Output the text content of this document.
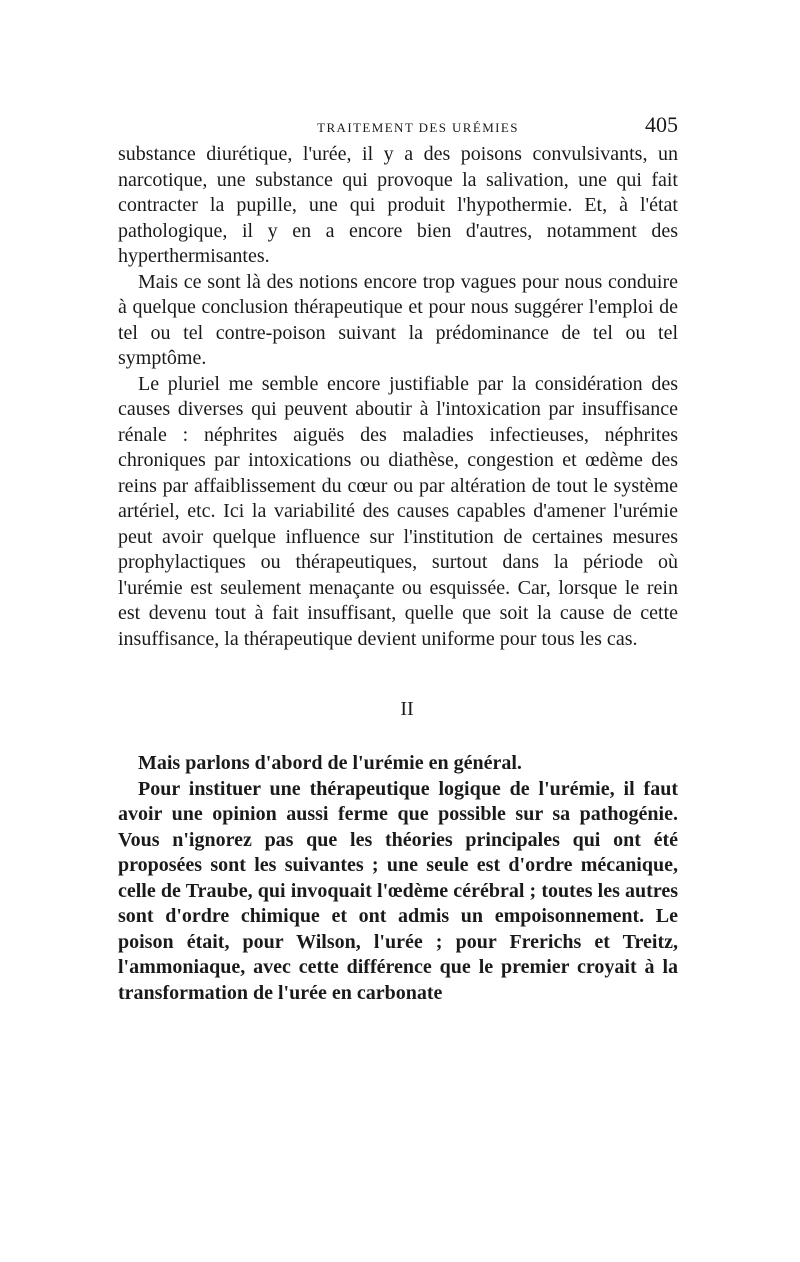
TRAITEMENT DES URÉMIES	405

substance diurétique, l'urée, il y a des poisons convulsivants, un narcotique, une substance qui provoque la salivation, une qui fait contracter la pupille, une qui produit l'hypothermie. Et, à l'état pathologique, il y en a encore bien d'autres, notamment des hyperthermisantes.

Mais ce sont là des notions encore trop vagues pour nous conduire à quelque conclusion thérapeutique et pour nous suggérer l'emploi de tel ou tel contre-poison suivant la prédominance de tel ou tel symptôme.

Le pluriel me semble encore justifiable par la considération des causes diverses qui peuvent aboutir à l'intoxication par insuffisance rénale : néphrites aiguës des maladies infectieuses, néphrites chroniques par intoxications ou diathèse, congestion et œdème des reins par affaiblissement du cœur ou par altération de tout le système artériel, etc. Ici la variabilité des causes capables d'amener l'urémie peut avoir quelque influence sur l'institution de certaines mesures prophylactiques ou thérapeutiques, surtout dans la période où l'urémie est seulement menaçante ou esquissée. Car, lorsque le rein est devenu tout à fait insuffisant, quelle que soit la cause de cette insuffisance, la thérapeutique devient uniforme pour tous les cas.

II

Mais parlons d'abord de l'urémie en général.

Pour instituer une thérapeutique logique de l'urémie, il faut avoir une opinion aussi ferme que possible sur sa pathogénie. Vous n'ignorez pas que les théories principales qui ont été proposées sont les suivantes ; une seule est d'ordre mécanique, celle de Traube, qui invoquait l'œdème cérébral ; toutes les autres sont d'ordre chimique et ont admis un empoisonnement. Le poison était, pour Wilson, l'urée ; pour Frerichs et Treitz, l'ammoniaque, avec cette différence que le premier croyait à la transformation de l'urée en carbonate
